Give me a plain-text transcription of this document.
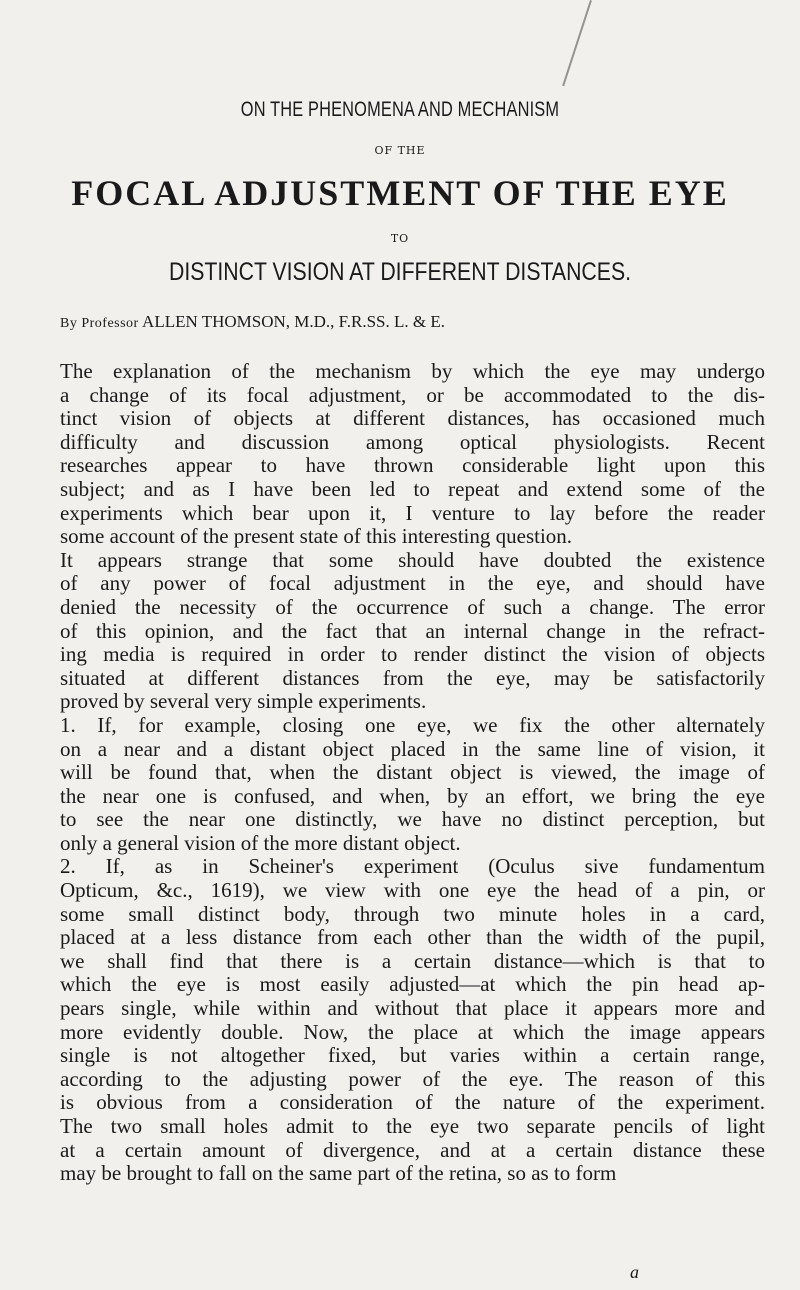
ON THE PHENOMENA AND MECHANISM
OF THE
FOCAL ADJUSTMENT OF THE EYE
TO
DISTINCT VISION AT DIFFERENT DISTANCES.
By Professor ALLEN THOMSON, M.D., F.R.SS. L. & E.
The explanation of the mechanism by which the eye may undergo
a change of its focal adjustment, or be accommodated to the dis-
tinct vision of objects at different distances, has occasioned much
difficulty and discussion among optical physiologists. Recent
researches appear to have thrown considerable light upon this
subject; and as I have been led to repeat and extend some of the
experiments which bear upon it, I venture to lay before the reader
some account of the present state of this interesting question.
It appears strange that some should have doubted the existence
of any power of focal adjustment in the eye, and should have
denied the necessity of the occurrence of such a change. The error
of this opinion, and the fact that an internal change in the refract-
ing media is required in order to render distinct the vision of objects
situated at different distances from the eye, may be satisfactorily
proved by several very simple experiments.
1. If, for example, closing one eye, we fix the other alternately
on a near and a distant object placed in the same line of vision, it
will be found that, when the distant object is viewed, the image of
the near one is confused, and when, by an effort, we bring the eye
to see the near one distinctly, we have no distinct perception, but
only a general vision of the more distant object.
2. If, as in Scheiner's experiment (Oculus sive fundamentum
Opticum, &c., 1619), we view with one eye the head of a pin, or
some small distinct body, through two minute holes in a card,
placed at a less distance from each other than the width of the pupil,
we shall find that there is a certain distance—which is that to
which the eye is most easily adjusted—at which the pin head ap-
pears single, while within and without that place it appears more and
more evidently double. Now, the place at which the image appears
single is not altogether fixed, but varies within a certain range,
according to the adjusting power of the eye. The reason of this
is obvious from a consideration of the nature of the experiment.
The two small holes admit to the eye two separate pencils of light
at a certain amount of divergence, and at a certain distance these
may be brought to fall on the same part of the retina, so as to form
a
